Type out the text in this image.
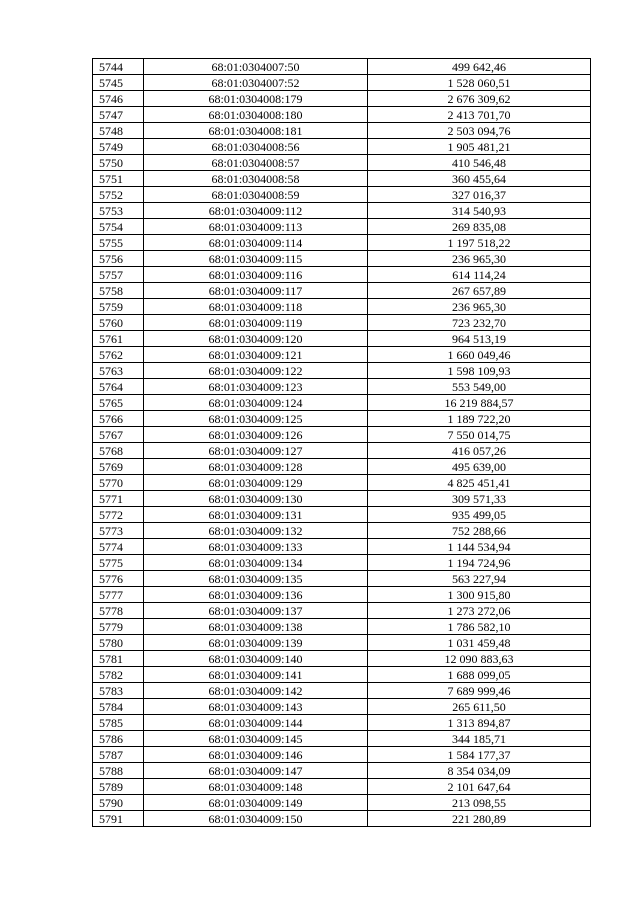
5744	68:01:0304007:50	499 642,46
5745	68:01:0304007:52	1 528 060,51
5746	68:01:0304008:179	2 676 309,62
5747	68:01:0304008:180	2 413 701,70
5748	68:01:0304008:181	2 503 094,76
5749	68:01:0304008:56	1 905 481,21
5750	68:01:0304008:57	410 546,48
5751	68:01:0304008:58	360 455,64
5752	68:01:0304008:59	327 016,37
5753	68:01:0304009:112	314 540,93
5754	68:01:0304009:113	269 835,08
5755	68:01:0304009:114	1 197 518,22
5756	68:01:0304009:115	236 965,30
5757	68:01:0304009:116	614 114,24
5758	68:01:0304009:117	267 657,89
5759	68:01:0304009:118	236 965,30
5760	68:01:0304009:119	723 232,70
5761	68:01:0304009:120	964 513,19
5762	68:01:0304009:121	1 660 049,46
5763	68:01:0304009:122	1 598 109,93
5764	68:01:0304009:123	553 549,00
5765	68:01:0304009:124	16 219 884,57
5766	68:01:0304009:125	1 189 722,20
5767	68:01:0304009:126	7 550 014,75
5768	68:01:0304009:127	416 057,26
5769	68:01:0304009:128	495 639,00
5770	68:01:0304009:129	4 825 451,41
5771	68:01:0304009:130	309 571,33
5772	68:01:0304009:131	935 499,05
5773	68:01:0304009:132	752 288,66
5774	68:01:0304009:133	1 144 534,94
5775	68:01:0304009:134	1 194 724,96
5776	68:01:0304009:135	563 227,94
5777	68:01:0304009:136	1 300 915,80
5778	68:01:0304009:137	1 273 272,06
5779	68:01:0304009:138	1 786 582,10
5780	68:01:0304009:139	1 031 459,48
5781	68:01:0304009:140	12 090 883,63
5782	68:01:0304009:141	1 688 099,05
5783	68:01:0304009:142	7 689 999,46
5784	68:01:0304009:143	265 611,50
5785	68:01:0304009:144	1 313 894,87
5786	68:01:0304009:145	344 185,71
5787	68:01:0304009:146	1 584 177,37
5788	68:01:0304009:147	8 354 034,09
5789	68:01:0304009:148	2 101 647,64
5790	68:01:0304009:149	213 098,55
5791	68:01:0304009:150	221 280,89
